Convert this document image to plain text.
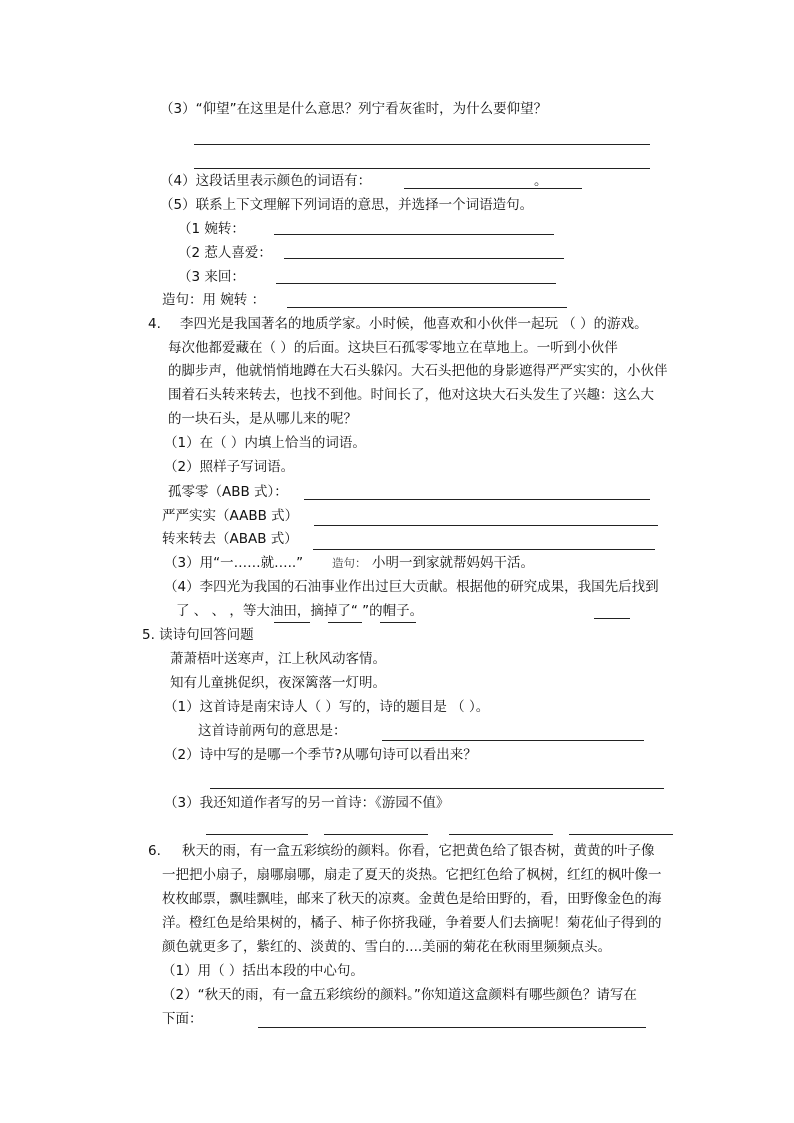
（3）“仰望”在这里是什么意思？列宁看灰雀时，为什么要仰望？
（4）这段话里表示颜色的词语有：	。
（5）联系上下文理解下列词语的意思，并选择一个词语造句。
（1 婉转：
（2 惹人喜爱：
（3 来回：
造句：用 婉转 ：
4. 李四光是我国著名的地质学家。小时候，他喜欢和小伙伴一起玩 （ ）的游戏。
每次他都爱藏在（ ）的后面。这块巨石孤零零地立在草地上。一听到小伙伴
的脚步声，他就悄悄地蹲在大石头躲闪。大石头把他的身影遮得严严实实的，小伙伴
围着石头转来转去，也找不到他。时间长了，他对这块大石头发生了兴趣：这么大
的一块石头，是从哪儿来的呢？
（1）在（ ）内填上恰当的词语。
（2）照样子写词语。
孤零零（ABB 式）：
严严实实（AABB 式）
转来转去（ABAB 式）
（3）用“一……就…..”	造句： 小明一到家就帮妈妈干活。
（4）李四光为我国的石油事业作出过巨大贡献。根据他的研究成果，我国先后找到
了 、 、 ，等大油田，摘掉了“ ”的帽子。
5. 读诗句回答问题
萧萧梧叶送寒声，江上秋风动客情。
知有儿童挑促织，夜深篱落一灯明。
（1）这首诗是南宋诗人（ ）写的，诗的题目是 （ ）。
这首诗前两句的意思是：
（2）诗中写的是哪一个季节?从哪句诗可以看出来？
（3）我还知道作者写的另一首诗：《游园不值》
6. 秋天的雨，有一盒五彩缤纷的颜料。你看，它把黄色给了银杏树，黄黄的叶子像
一把把小扇子，扇哪扇哪，扇走了夏天的炎热。它把红色给了枫树，红红的枫叶像一
枚枚邮票，飘哇飘哇，邮来了秋天的凉爽。金黄色是给田野的，看，田野像金色的海
洋。橙红色是给果树的，橘子、柿子你挤我碰，争着要人们去摘呢！菊花仙子得到的
颜色就更多了，紫红的、淡黄的、雪白的....美丽的菊花在秋雨里频频点头。
（1）用（ ）括出本段的中心句。
（2）“秋天的雨，有一盒五彩缤纷的颜料。”你知道这盒颜料有哪些颜色？请写在
下面：
